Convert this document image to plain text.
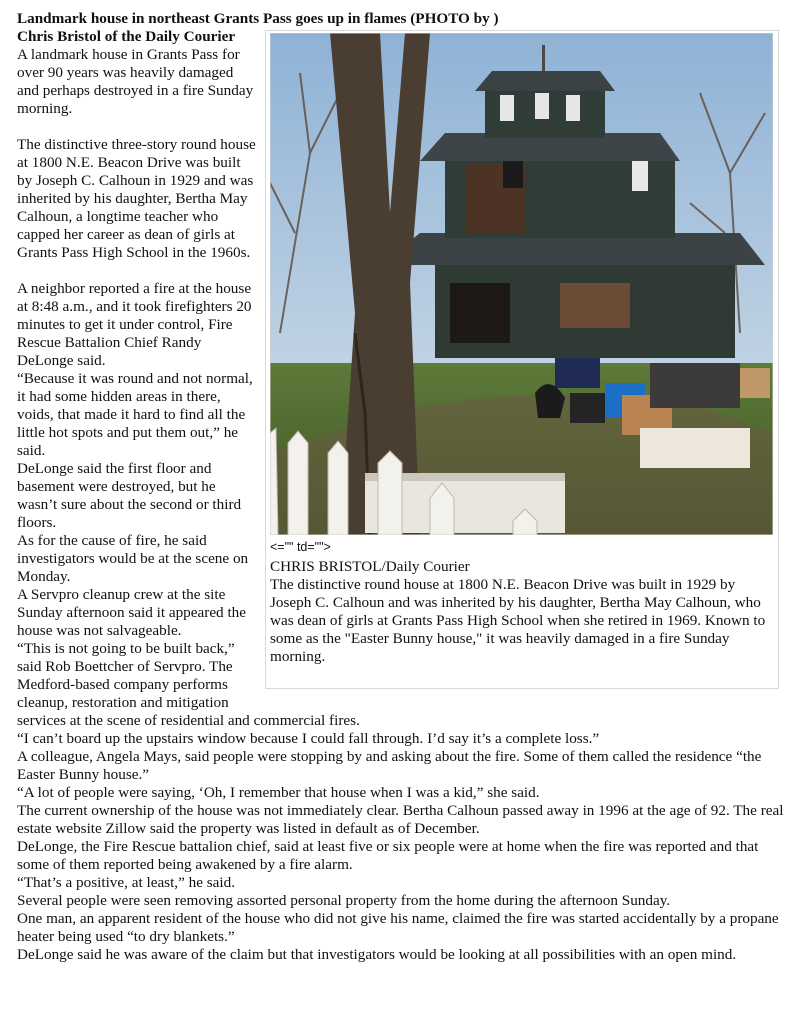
Landmark house in northeast Grants Pass goes up in flames (PHOTO by )

<="" td="">

CHRIS BRISTOL/Daily Courier

The distinctive round house at 1800 N.E. Beacon Drive was built in 1929 by Joseph C. Calhoun and was inherited by his daughter, Bertha May Calhoun, who was dean of girls at Grants Pass High School when she retired in 1969. Known to some as the "Easter Bunny house," it was heavily damaged in a fire Sunday morning.

Chris Bristol of the Daily Courier

A landmark house in Grants Pass for over 90 years was heavily damaged and perhaps destroyed in a fire Sunday morning.

The distinctive three-story round house at 1800 N.E. Beacon Drive was built by Joseph C. Calhoun in 1929 and was inherited by his daughter, Bertha May Calhoun, a longtime teacher who capped her career as dean of girls at Grants Pass High School in the 1960s.

A neighbor reported a fire at the house at 8:48 a.m., and it took firefighters 20 minutes to get it under control, Fire Rescue Battalion Chief Randy DeLonge said.

“Because it was round and not normal, it had some hidden areas in there, voids, that made it hard to find all the little hot spots and put them out,” he said.

DeLonge said the first floor and basement were destroyed, but he wasn’t sure about the second or third floors.

As for the cause of fire, he said investigators would be at the scene on Monday.

A Servpro cleanup crew at the site Sunday afternoon said it appeared the house was not salvageable.

“This is not going to be built back,” said Rob Boettcher of Servpro. The Medford-based company performs cleanup, restoration and mitigation services at the scene of residential and commercial fires.

“I can’t board up the upstairs window because I could fall through. I’d say it’s a complete loss.”

A colleague, Angela Mays, said people were stopping by and asking about the fire. Some of them called the residence “the Easter Bunny house.”

“A lot of people were saying, ‘Oh, I remember that house when I was a kid,” she said.

The current ownership of the house was not immediately clear. Bertha Calhoun passed away in 1996 at the age of 92. The real estate website Zillow said the property was listed in default as of December.

DeLonge, the Fire Rescue battalion chief, said at least five or six people were at home when the fire was reported and that some of them reported being awakened by a fire alarm.

“That’s a positive, at least,” he said.

Several people were seen removing assorted personal property from the home during the afternoon Sunday.

One man, an apparent resident of the house who did not give his name, claimed the fire was started accidentally by a propane heater being used “to dry blankets.”

DeLonge said he was aware of the claim but that investigators would be looking at all possibilities with an open mind.
